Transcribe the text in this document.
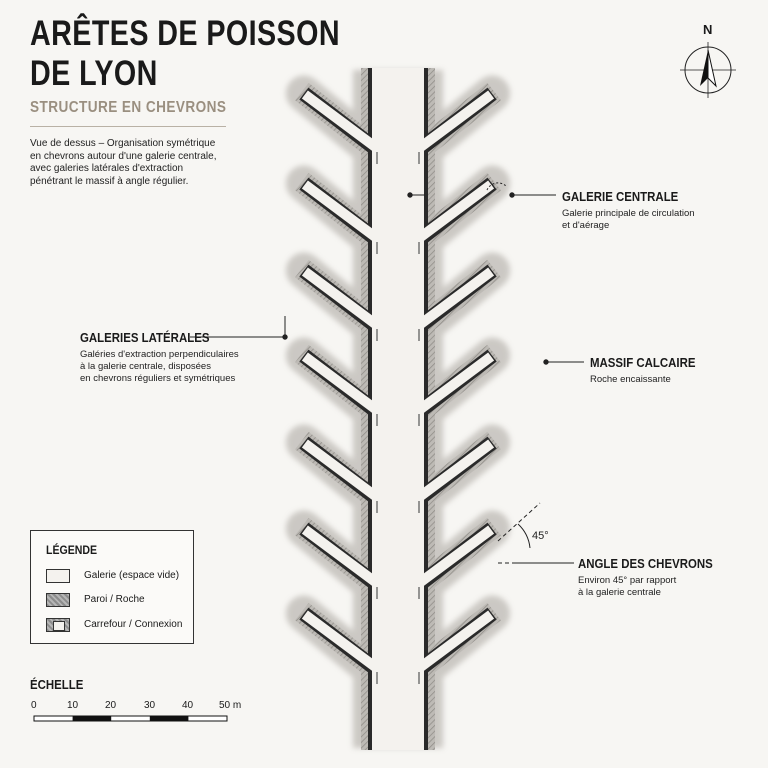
ARÊTES DE POISSON
DE LYON
STRUCTURE EN CHEVRONS
Vue de dessus – Organisation symétrique
en chevrons autour d'une galerie centrale,
avec galeries latérales d'extraction
pénétrant le massif à angle régulier.
N
GALERIE CENTRALE
Galerie principale de circulation
et d'aérage
GALERIES LATÉRALES
Galéries d'extraction perpendiculaires
à la galerie centrale, disposées
en chevrons réguliers et symétriques
MASSIF CALCAIRE
Roche encaissante
ANGLE DES CHEVRONS
Environ 45° par rapport
à la galerie centrale
45°
LÉGENDE
Galerie (espace vide)
Paroi / Roche
Carrefour / Connexion
ÉCHELLE
0	10	20	30	40	50 m
